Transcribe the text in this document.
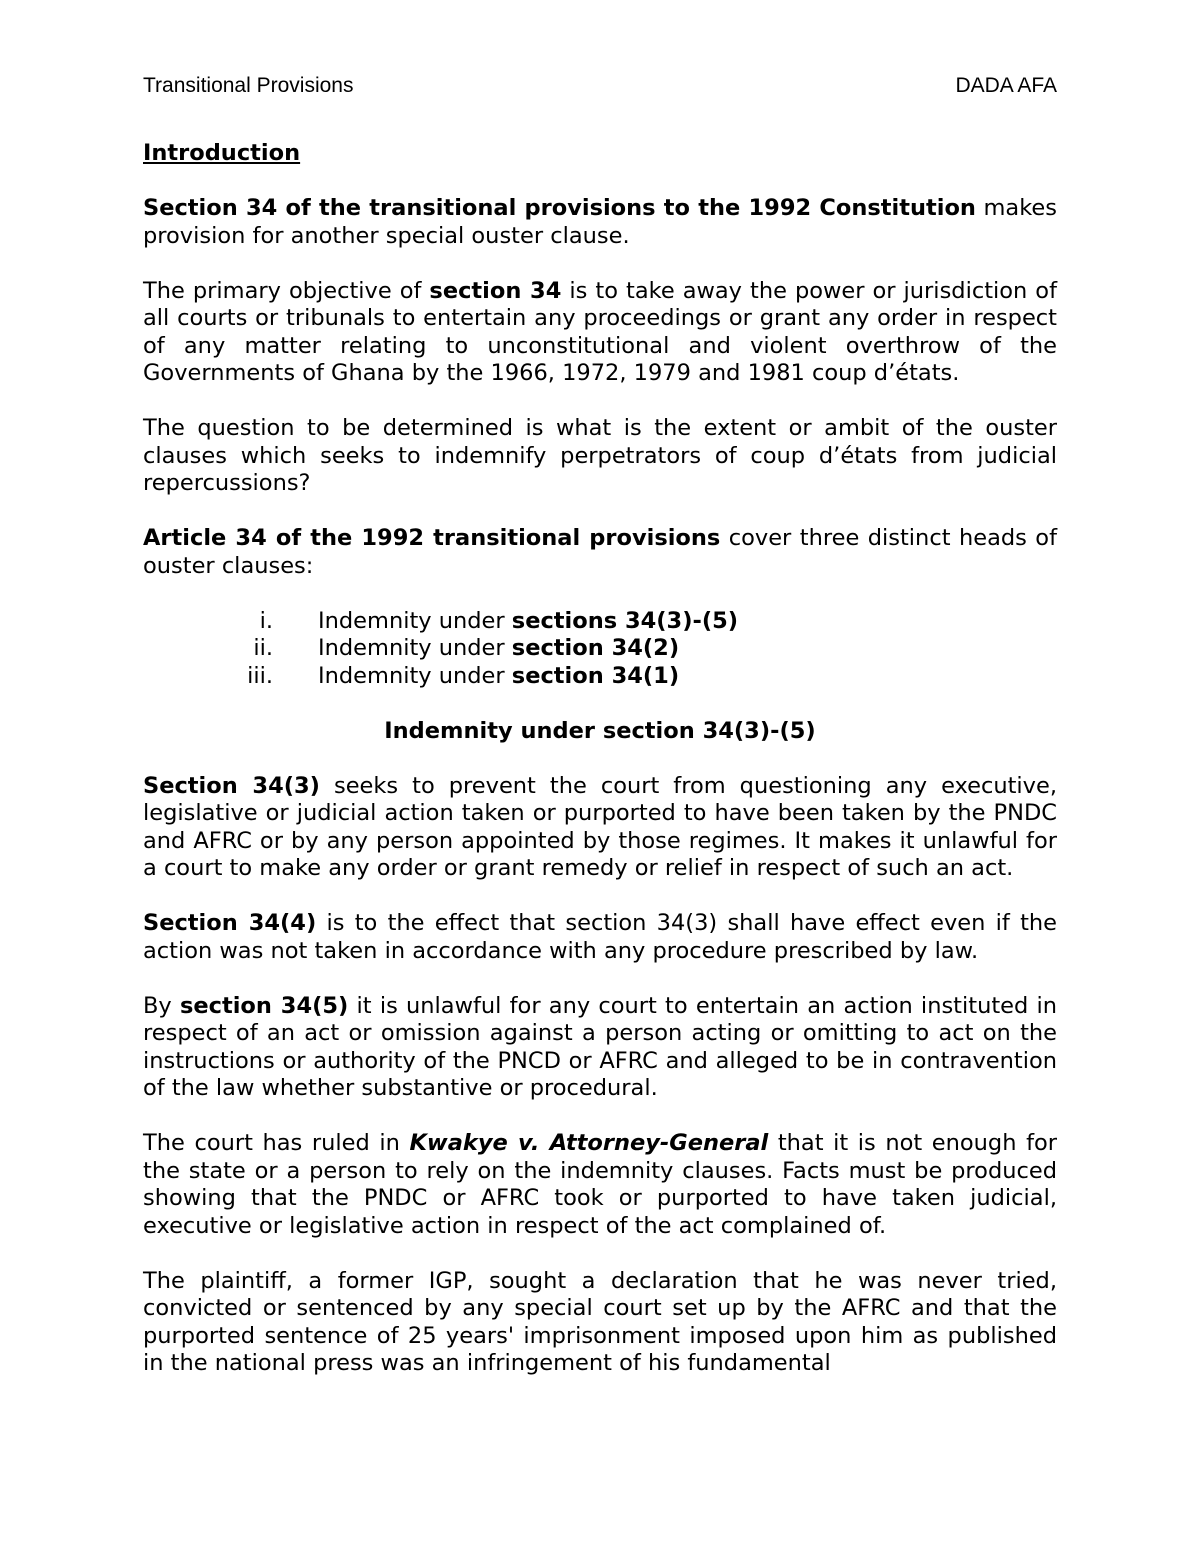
Transitional Provisions	DADA AFA

Introduction

Section 34 of the transitional provisions to the 1992 Constitution makes provision for another special ouster clause.

The primary objective of section 34 is to take away the power or jurisdiction of all courts or tribunals to entertain any proceedings or grant any order in respect of any matter relating to unconstitutional and violent overthrow of the Governments of Ghana by the 1966, 1972, 1979 and 1981 coup d’états.

The question to be determined is what is the extent or ambit of the ouster clauses which seeks to indemnify perpetrators of coup d’états from judicial repercussions?

Article 34 of the 1992 transitional provisions cover three distinct heads of ouster clauses:

i. Indemnity under sections 34(3)-(5)
ii. Indemnity under section 34(2)
iii. Indemnity under section 34(1)

Indemnity under section 34(3)-(5)

Section 34(3) seeks to prevent the court from questioning any executive, legislative or judicial action taken or purported to have been taken by the PNDC and AFRC or by any person appointed by those regimes. It makes it unlawful for a court to make any order or grant remedy or relief in respect of such an act.

Section 34(4) is to the effect that section 34(3) shall have effect even if the action was not taken in accordance with any procedure prescribed by law.

By section 34(5) it is unlawful for any court to entertain an action instituted in respect of an act or omission against a person acting or omitting to act on the instructions or authority of the PNCD or AFRC and alleged to be in contravention of the law whether substantive or procedural.

The court has ruled in Kwakye v. Attorney-General that it is not enough for the state or a person to rely on the indemnity clauses. Facts must be produced showing that the PNDC or AFRC took or purported to have taken judicial, executive or legislative action in respect of the act complained of.

The plaintiff, a former IGP, sought a declaration that he was never tried, convicted or sentenced by any special court set up by the AFRC and that the purported sentence of 25 years' imprisonment imposed upon him as published in the national press was an infringement of his fundamental
